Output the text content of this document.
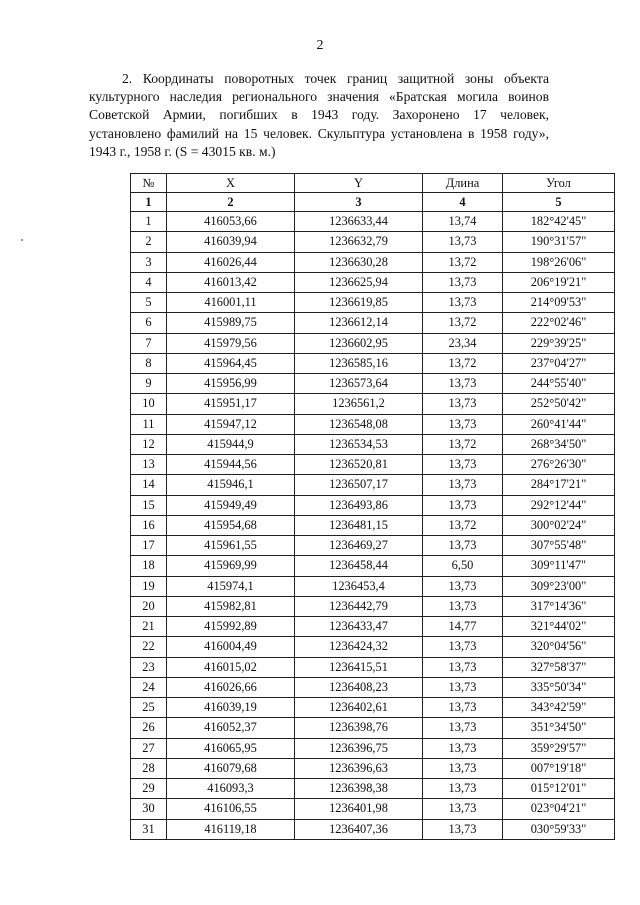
2
2. Координаты поворотных точек границ защитной зоны объекта
культурного наследия регионального значения «Братская могила воинов
Советской Армии, погибших в 1943 году. Захоронено 17 человек,
установлено фамилий на 15 человек. Скульптура установлена в 1958 году»,
1943 г., 1958 г. (S = 43015 кв. м.)
№	X	Y	Длина	Угол
1	2	3	4	5
1	416053,66	1236633,44	13,74	182°42'45"
2	416039,94	1236632,79	13,73	190°31'57"
3	416026,44	1236630,28	13,72	198°26'06"
4	416013,42	1236625,94	13,73	206°19'21"
5	416001,11	1236619,85	13,73	214°09'53"
6	415989,75	1236612,14	13,72	222°02'46"
7	415979,56	1236602,95	23,34	229°39'25"
8	415964,45	1236585,16	13,72	237°04'27"
9	415956,99	1236573,64	13,73	244°55'40"
10	415951,17	1236561,2	13,73	252°50'42"
11	415947,12	1236548,08	13,73	260°41'44"
12	415944,9	1236534,53	13,72	268°34'50"
13	415944,56	1236520,81	13,73	276°26'30"
14	415946,1	1236507,17	13,73	284°17'21"
15	415949,49	1236493,86	13,73	292°12'44"
16	415954,68	1236481,15	13,72	300°02'24"
17	415961,55	1236469,27	13,73	307°55'48"
18	415969,99	1236458,44	6,50	309°11'47"
19	415974,1	1236453,4	13,73	309°23'00"
20	415982,81	1236442,79	13,73	317°14'36"
21	415992,89	1236433,47	14,77	321°44'02"
22	416004,49	1236424,32	13,73	320°04'56"
23	416015,02	1236415,51	13,73	327°58'37"
24	416026,66	1236408,23	13,73	335°50'34"
25	416039,19	1236402,61	13,73	343°42'59"
26	416052,37	1236398,76	13,73	351°34'50"
27	416065,95	1236396,75	13,73	359°29'57"
28	416079,68	1236396,63	13,73	007°19'18"
29	416093,3	1236398,38	13,73	015°12'01"
30	416106,55	1236401,98	13,73	023°04'21"
31	416119,18	1236407,36	13,73	030°59'33"
